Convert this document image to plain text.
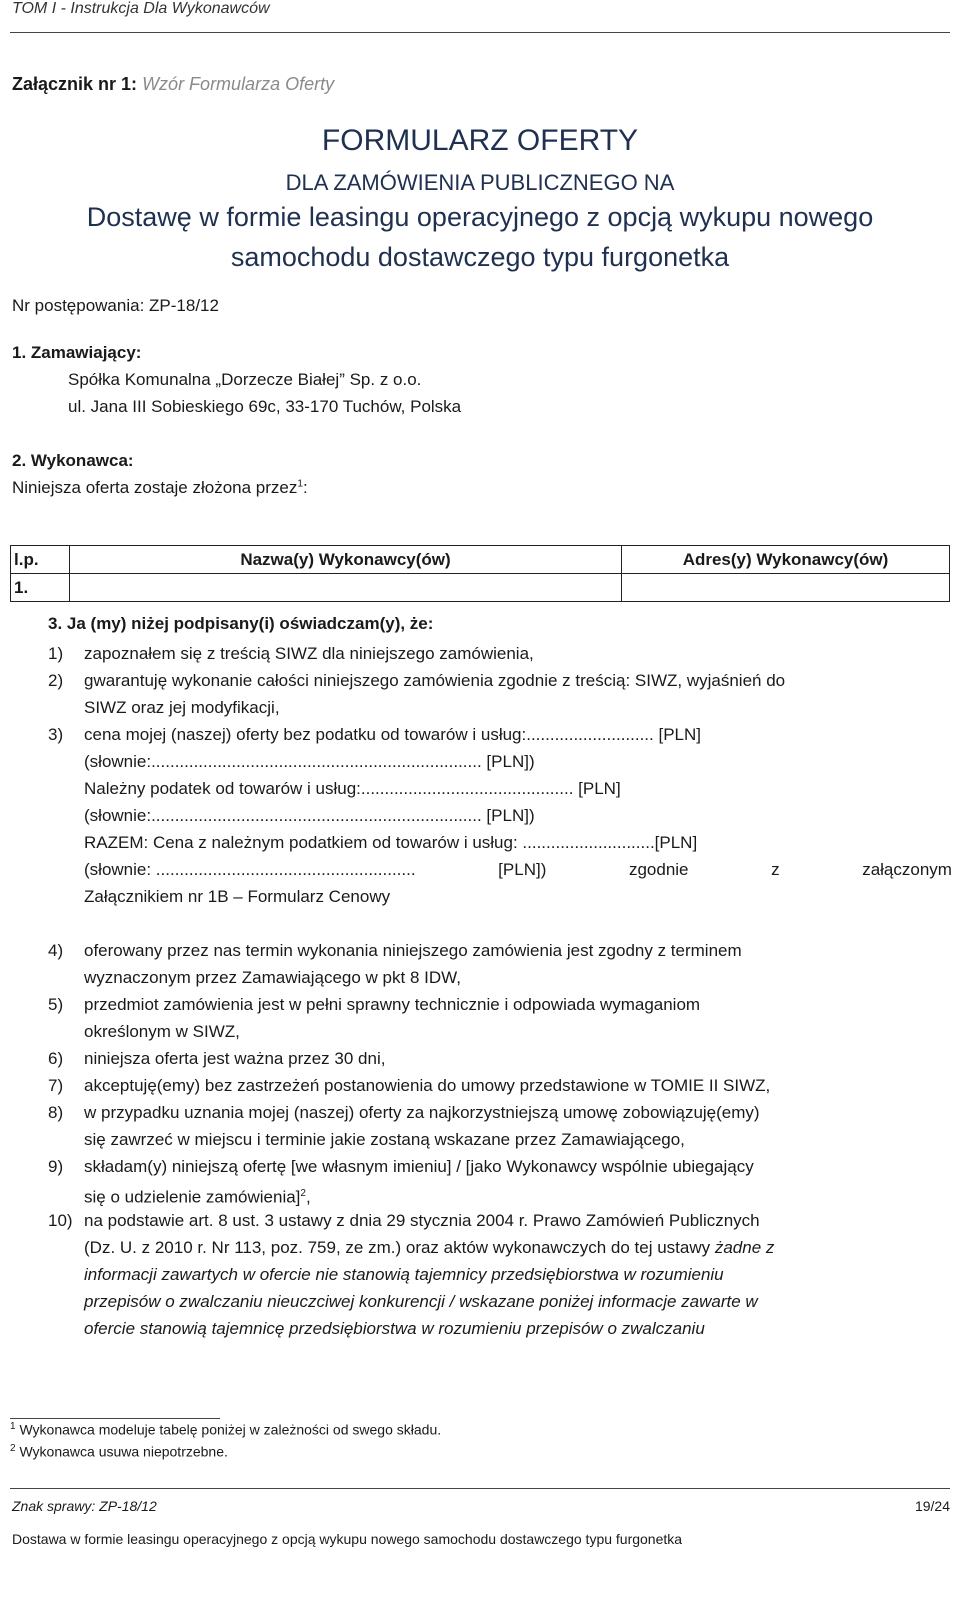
TOM I - Instrukcja Dla Wykonawców
Załącznik nr 1: Wzór Formularza Oferty
FORMULARZ OFERTY
DLA ZAMÓWIENIA PUBLICZNEGO NA
Dostawę w formie leasingu operacyjnego z opcją wykupu nowego
samochodu dostawczego typu furgonetka
Nr postępowania: ZP-18/12
1. Zamawiający:
Spółka Komunalna „Dorzecze Białej” Sp. z o.o.
ul. Jana III Sobieskiego 69c, 33-170 Tuchów, Polska
2. Wykonawca:
Niniejsza oferta zostaje złożona przez$^1$:
l.p.	Nazwa(y) Wykonawcy(ów)	Adres(y) Wykonawcy(ów)
1.		
3. Ja (my) niżej podpisany(i) oświadczam(y), że:
1) zapoznałem się z treścią SIWZ dla niniejszego zamówienia,
2) gwarantuję wykonanie całości niniejszego zamówienia zgodnie z treścią: SIWZ, wyjaśnień do
SIWZ oraz jej modyfikacji,
3) cena mojej (naszej) oferty bez podatku od towarów i usług:........................... [PLN]
(słownie:...................................................................... [PLN])
Należny podatek od towarów i usług:............................................. [PLN]
(słownie:...................................................................... [PLN])
RAZEM: Cena z należnym podatkiem od towarów i usług: ............................[PLN]
(słownie: .......................................................	[PLN])	zgodnie	z	załączonym
Załącznikiem nr 1B – Formularz Cenowy
4) oferowany przez nas termin wykonania niniejszego zamówienia jest zgodny z terminem
wyznaczonym przez Zamawiającego w pkt 8 IDW,
5) przedmiot zamówienia jest w pełni sprawny technicznie i odpowiada wymaganiom
określonym w SIWZ,
6) niniejsza oferta jest ważna przez 30 dni,
7) akceptuję(emy) bez zastrzeżeń postanowienia do umowy przedstawione w TOMIE II SIWZ,
8) w przypadku uznania mojej (naszej) oferty za najkorzystniejszą umowę zobowiązuję(emy)
się zawrzeć w miejscu i terminie jakie zostaną wskazane przez Zamawiającego,
9) składam(y) niniejszą ofertę [we własnym imieniu] / [jako Wykonawcy wspólnie ubiegający
się o udzielenie zamówienia]$^2$,
10) na podstawie art. 8 ust. 3 ustawy z dnia 29 stycznia 2004 r. Prawo Zamówień Publicznych
(Dz. U. z 2010 r. Nr 113, poz. 759, ze zm.) oraz aktów wykonawczych do tej ustawy żadne z
informacji zawartych w ofercie nie stanowią tajemnicy przedsiębiorstwa w rozumieniu
przepisów o zwalczaniu nieuczciwej konkurencji / wskazane poniżej informacje zawarte w
ofercie stanowią tajemnicę przedsiębiorstwa w rozumieniu przepisów o zwalczaniu
$^1$ Wykonawca modeluje tabelę poniżej w zależności od swego składu.
$^2$ Wykonawca usuwa niepotrzebne.
Znak sprawy: ZP-18/12	19/24
Dostawa w formie leasingu operacyjnego z opcją wykupu nowego samochodu dostawczego typu furgonetka
